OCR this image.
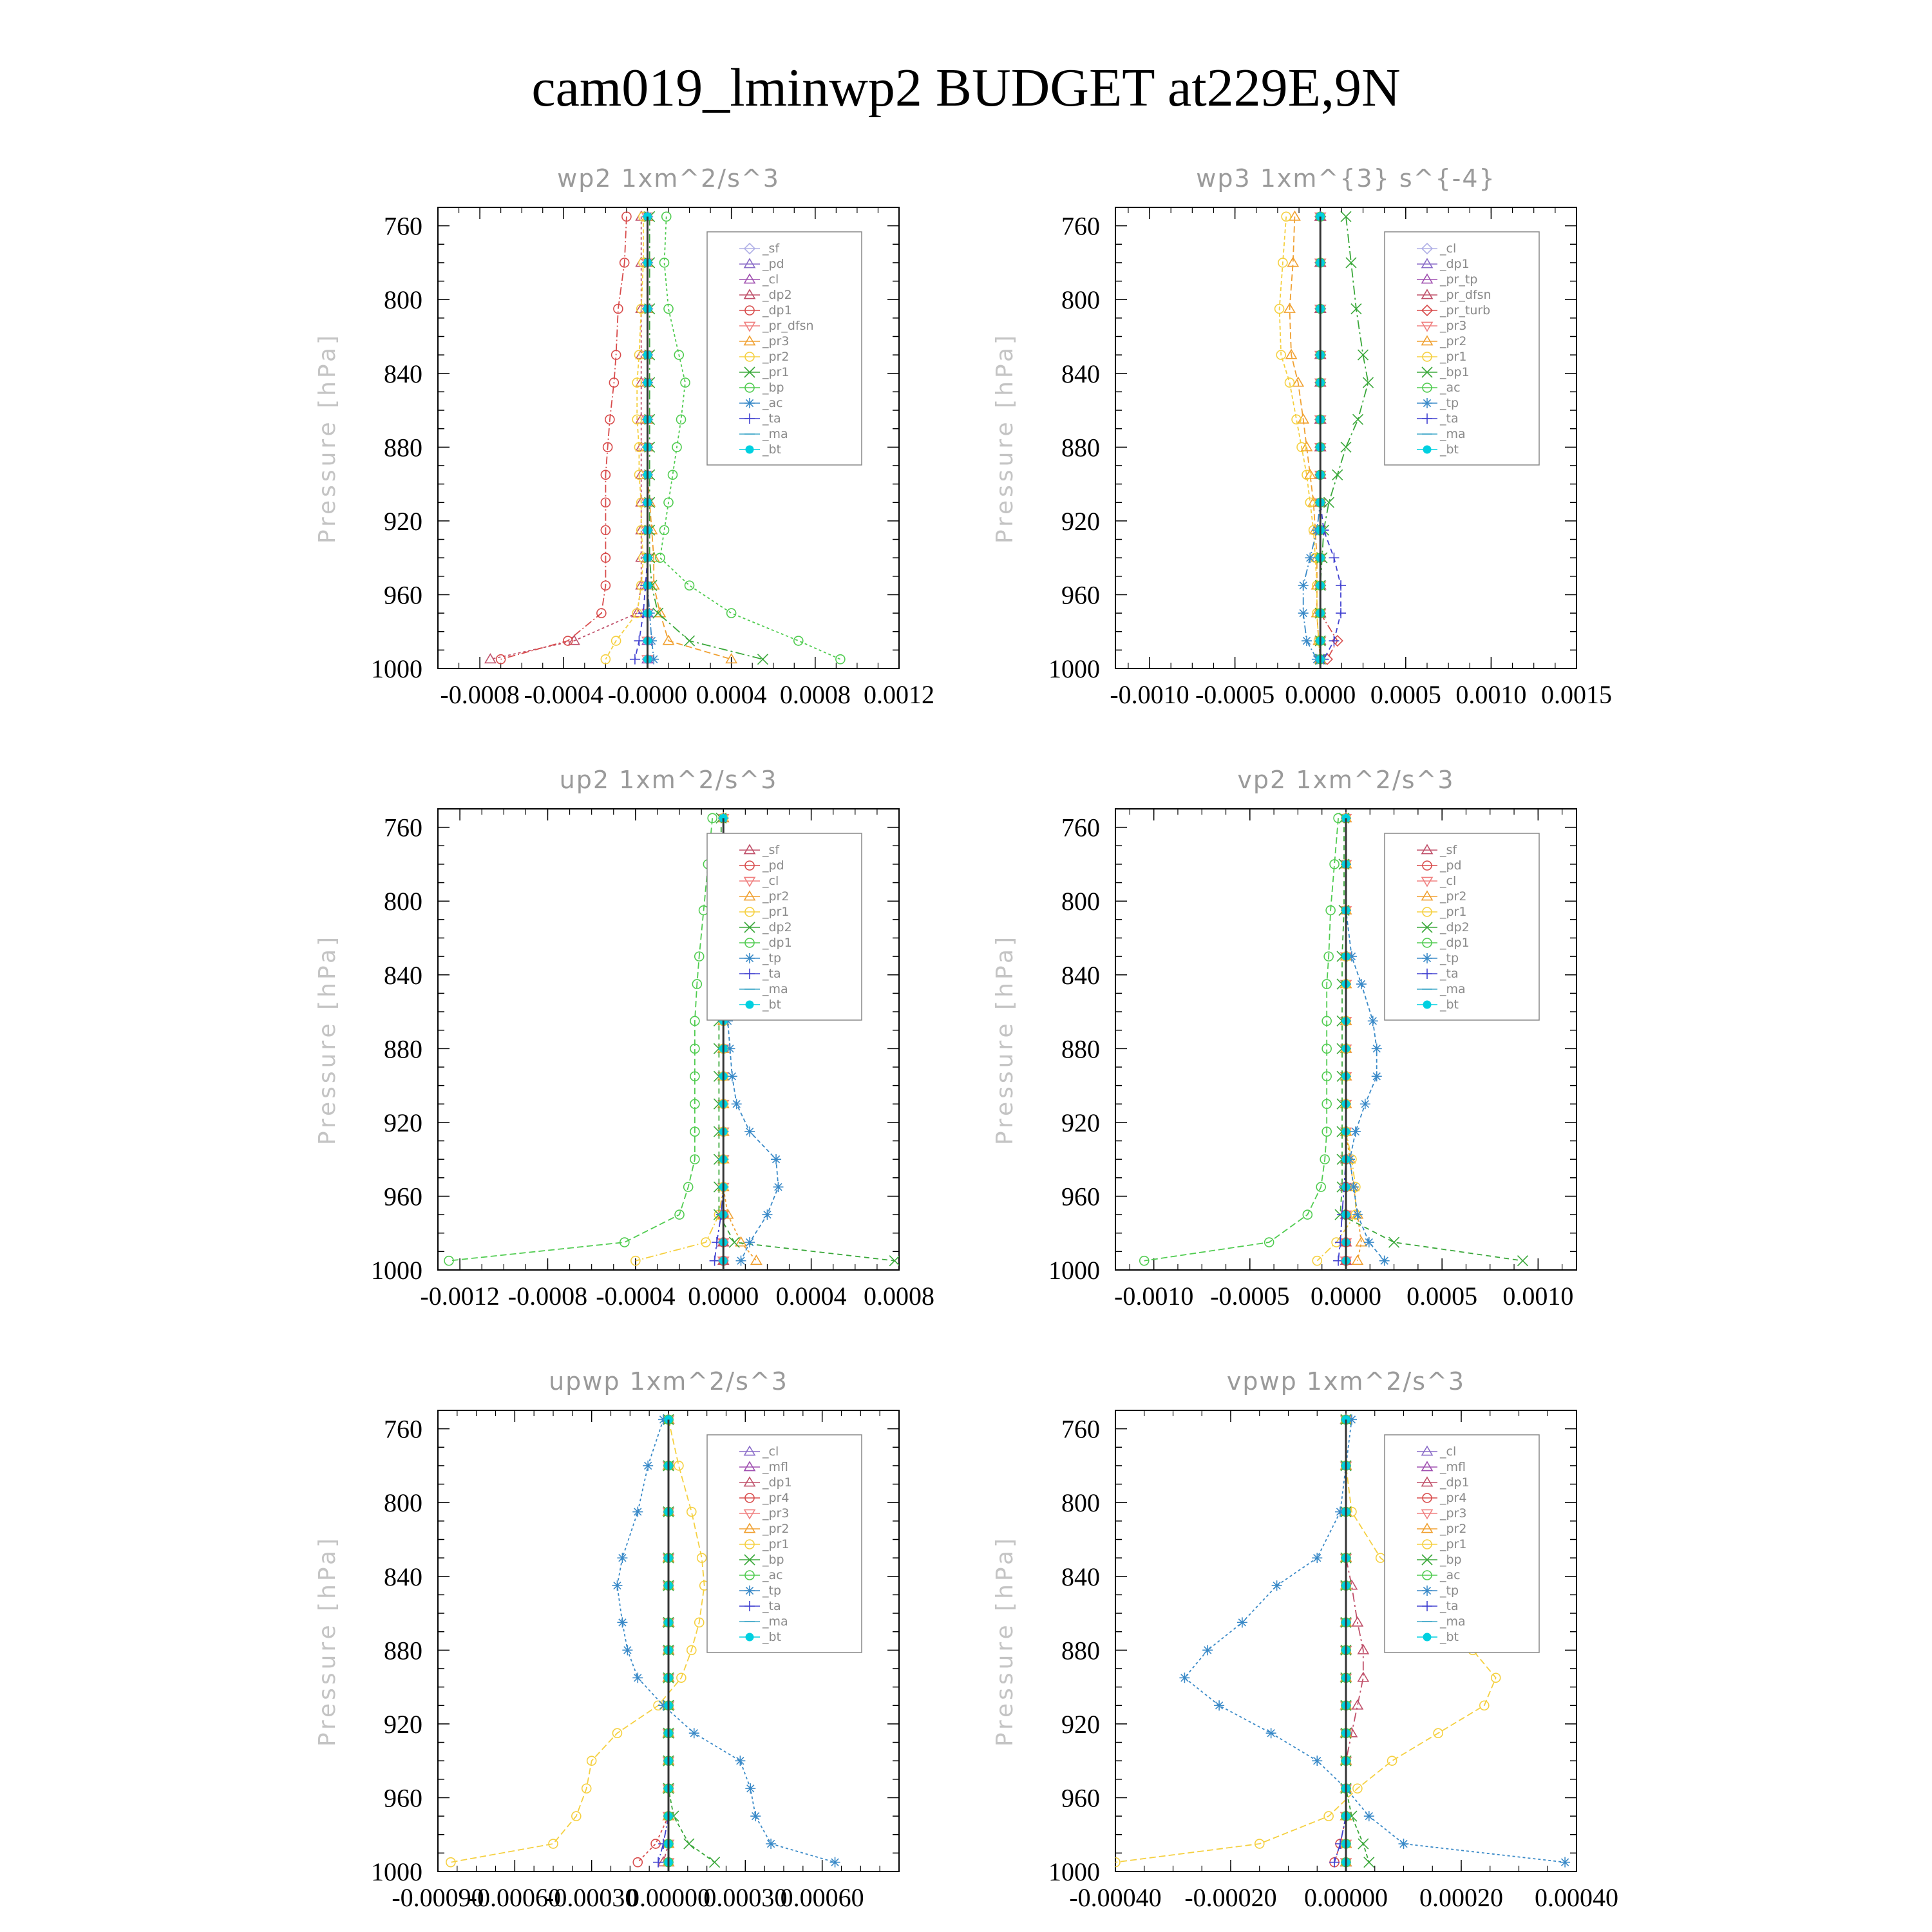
cam019_lminwp2 BUDGET at229E,9N
wp2 1xm^2/s^3
Pressure [hPa]
760
800
840
880
920
960
1000
-0.0008 -0.0004 -0.0000 0.0004 0.0008 0.0012
_sf
_pd
_cl
_dp2
_dp1
_pr_dfsn
_pr3
_pr2
_pr1
_bp
_ac
_ta
_ma
_bt
wp3 1xm^{3} s^{-4}
Pressure [hPa]
760
800
840
880
920
960
1000
-0.0010 -0.0005 0.0000 0.0005 0.0010 0.0015
_cl
_dp1
_pr_tp
_pr_dfsn
_pr_turb
_pr3
_pr2
_pr1
_bp1
_ac
_tp
_ta
_ma
_bt
up2 1xm^2/s^3
Pressure [hPa]
760
800
840
880
920
960
1000
-0.0012 -0.0008 -0.0004 0.0000 0.0004 0.0008
_sf
_pd
_cl
_pr2
_pr1
_dp2
_dp1
_tp
_ta
_ma
_bt
vp2 1xm^2/s^3
Pressure [hPa]
760
800
840
880
920
960
1000
-0.0010 -0.0005 0.0000 0.0005 0.0010
_sf
_pd
_cl
_pr2
_pr1
_dp2
_dp1
_tp
_ta
_ma
_bt
upwp 1xm^2/s^3
Pressure [hPa]
760
800
840
880
920
960
1000
-0.00090
-0.00060
-0.00030
0.00000
0.00030
0.00060
_cl
_mfl
_dp1
_pr4
_pr3
_pr2
_pr1
_bp
_ac
_tp
_ta
_ma
_bt
vpwp 1xm^2/s^3
Pressure [hPa]
760
800
840
880
920
960
1000
-0.00040 -0.00020 0.00000 0.00020 0.00040
_cl
_mfl
_dp1
_pr4
_pr3
_pr2
_pr1
_bp
_ac
_tp
_ta
_ma
_bt
